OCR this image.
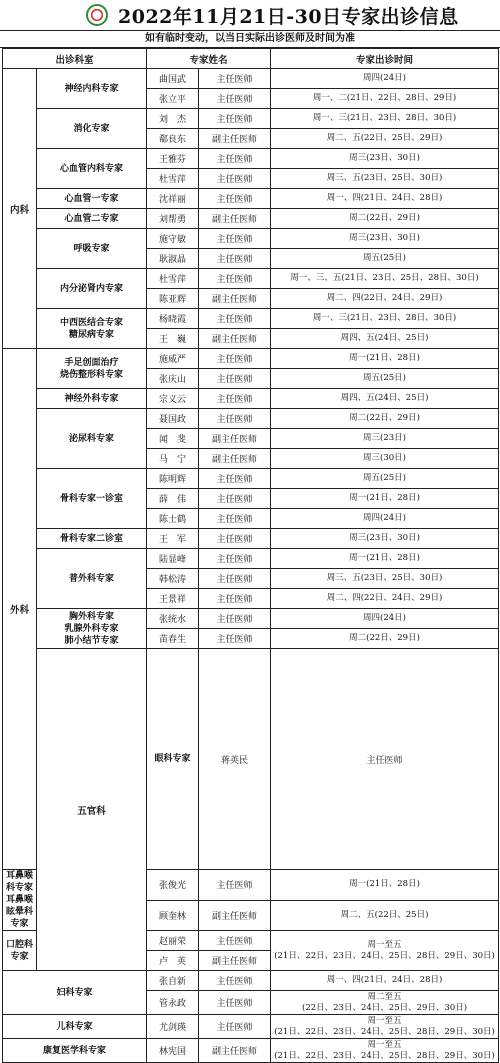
2022年11月21日-30日专家出诊信息
如有临时变动，以当日实际出诊医师及时间为准
出诊科室		专家姓名		专家出诊时间	
内科	神经内科专家	曲国武	主任医师	周四(24日)	
		张立平	主任医师	周一、二(21日、22日、28日、29日)	
	消化专家	刘　杰	主任医师	周一、三(21日、23日、28日、30日)	
		郗良东	副主任医师	周二、五(22日、25日、29日)	
	心血管内科专家	王雅芬	主任医师	周三(23日、30日)	
		杜雪萍	主任医师	周三、五(23日、25日、30日)	
	心血管一专家	沈祥丽	主任医师	周一、四(21日、24日、28日)	
	心血管二专家	刘帮勇	副主任医师	周二(22日、29日)	
	呼吸专家	施守敏	主任医师	周三(23日、30日)	
		耿淑晶	主任医师	周五(25日)	
	内分泌肾内专家	杜雪萍	主任医师	周一、三、五(21日、23日、25日、28日、30日)	
		陈亚辉	副主任医师	周二、四(22日、24日、29日)	
	中西医结合专家
糖尿病专家	杨晓霞	主任医师	周一、三(21日、23日、28日、30日)	
		王　巍	副主任医师	周四、五(24日、25日)	
外科	手足创面治疗
烧伤整形科专家	施威严	主任医师	周一(21日、28日)	
		张庆山	主任医师	周五(25日)	
	神经外科专家	宗义云	主任医师	周四、五(24日、25日)	
	泌尿科专家	聂国政	主任医师	周二(22日、29日)	
		闻　斐	副主任医师	周三(23日)	
		马　宁	副主任医师	周三(30日)	
	骨科专家一诊室	陈明辉	主任医师	周五(25日)	
		薛　伟	主任医师	周一(21日、28日)	
		陈士鹤	主任医师	周四(24日)	
	骨科专家二诊室	王　军	主任医师	周三(23日、30日)	
	普外科专家	陆显峰	主任医师	周一(21日、28日)	
		韩松涛	主任医师	周三、五(23日、25日、30日)	
		王景祥	主任医师	周二、四(22日、24日、29日)	
	胸外科专家
乳腺外科专家
肺小结节专家	张统水	主任医师	周四(24日)	
		苗春生	主任医师	周二(22日、29日)	
	五官科	眼科专家	蒋英民	主任医师	

耳鼻喉科专家
耳鼻喉眩晕科专家		张俊光	主任医师	周一(21日、28日)	
		顾奎林	副主任医师	周二、五(22日、25日)	
口腔科专家		赵丽荣	主任医师	周一至五
(21日、22日、23日、24日、25日、28日、29日、30日)	
		卢　英	副主任医师		
妇科专家		张自新	主任医师	周一、四(21日、24日、28日)	
		管永政	主任医师	周二至五
(22日、23日、24日、25日、29日、30日)	
儿科专家		尤剑瑛	主任医师	周一至五
(21日、22日、23日、24日、25日、28日、29日、30日)	
康复医学科专家		林宪国	副主任医师	周一至五
(21日、22日、23日、24日、25日、28日、29日、30日)	
